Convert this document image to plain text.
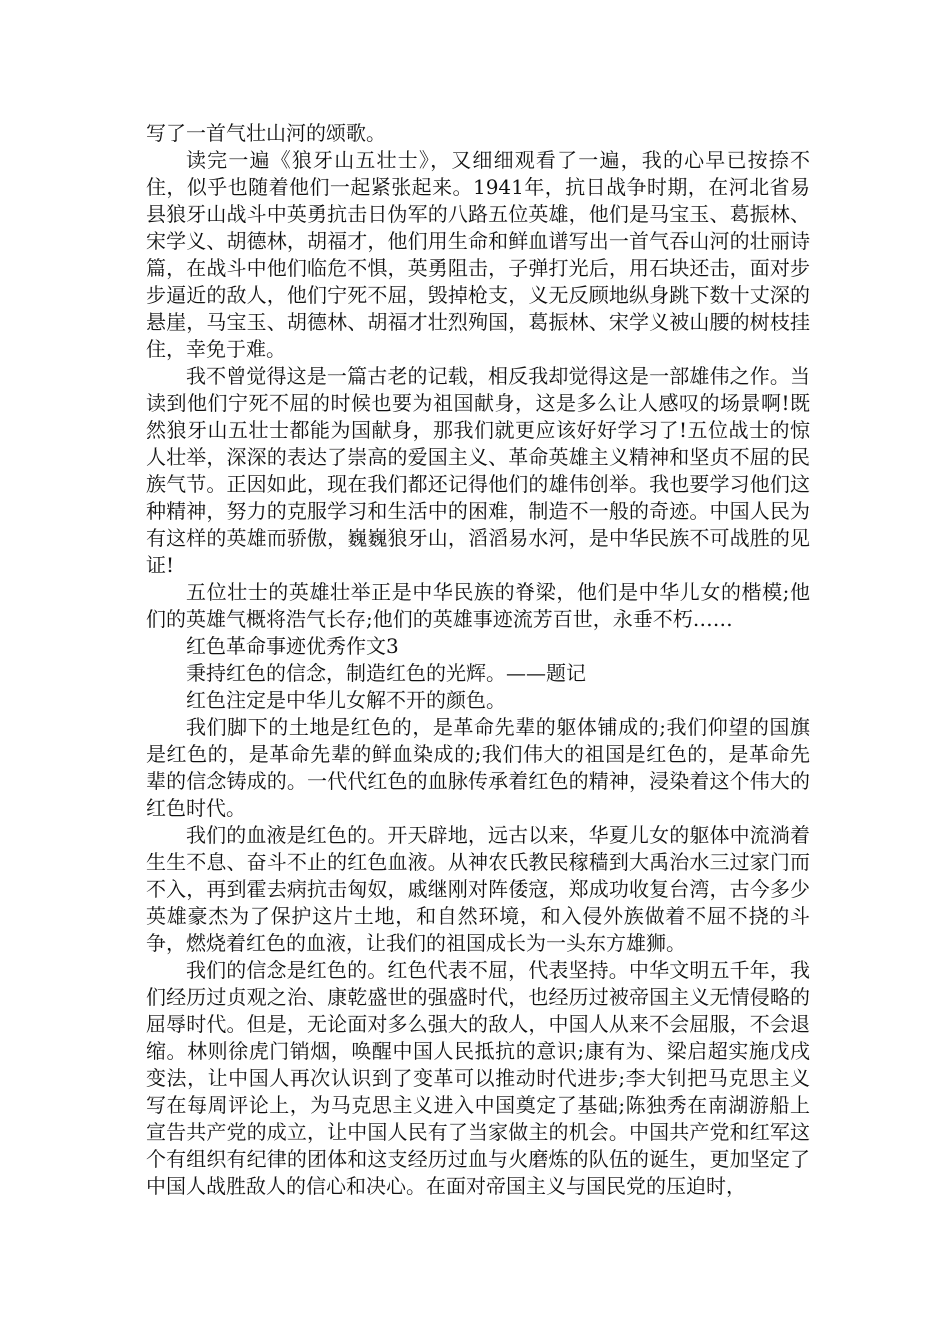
写了一首气壮山河的颂歌。

读完一遍《狼牙山五壮士》，又细细观看了一遍，我的心早已按捺不住，似乎也随着他们一起紧张起来。1941年，抗日战争时期，在河北省易县狼牙山战斗中英勇抗击日伪军的八路五位英雄，他们是马宝玉、葛振林、宋学义、胡德林，胡福才，他们用生命和鲜血谱写出一首气吞山河的壮丽诗篇，在战斗中他们临危不惧，英勇阻击，子弹打光后，用石块还击，面对步步逼近的敌人，他们宁死不屈，毁掉枪支，义无反顾地纵身跳下数十丈深的悬崖，马宝玉、胡德林、胡福才壮烈殉国，葛振林、宋学义被山腰的树枝挂住，幸免于难。

我不曾觉得这是一篇古老的记载，相反我却觉得这是一部雄伟之作。当读到他们宁死不屈的时候也要为祖国献身，这是多么让人感叹的场景啊!既然狼牙山五壮士都能为国献身，那我们就更应该好好学习了!五位战士的惊人壮举，深深的表达了崇高的爱国主义、革命英雄主义精神和坚贞不屈的民族气节。正因如此，现在我们都还记得他们的雄伟创举。我也要学习他们这种精神，努力的克服学习和生活中的困难，制造不一般的奇迹。中国人民为有这样的英雄而骄傲，巍巍狼牙山，滔滔易水河，是中华民族不可战胜的见证!

五位壮士的英雄壮举正是中华民族的脊梁，他们是中华儿女的楷模;他们的英雄气概将浩气长存;他们的英雄事迹流芳百世，永垂不朽……

红色革命事迹优秀作文3

秉持红色的信念，制造红色的光辉。——题记

红色注定是中华儿女解不开的颜色。

我们脚下的土地是红色的，是革命先辈的躯体铺成的;我们仰望的国旗是红色的，是革命先辈的鲜血染成的;我们伟大的祖国是红色的，是革命先辈的信念铸成的。一代代红色的血脉传承着红色的精神，浸染着这个伟大的红色时代。

我们的血液是红色的。开天辟地，远古以来，华夏儿女的躯体中流淌着生生不息、奋斗不止的红色血液。从神农氏教民稼穑到大禹治水三过家门而不入，再到霍去病抗击匈奴，戚继刚对阵倭寇，郑成功收复台湾，古今多少英雄豪杰为了保护这片土地，和自然环境，和入侵外族做着不屈不挠的斗争，燃烧着红色的血液，让我们的祖国成长为一头东方雄狮。

我们的信念是红色的。红色代表不屈，代表坚持。中华文明五千年，我们经历过贞观之治、康乾盛世的强盛时代，也经历过被帝国主义无情侵略的屈辱时代。但是，无论面对多么强大的敌人，中国人从来不会屈服，不会退缩。林则徐虎门销烟，唤醒中国人民抵抗的意识;康有为、梁启超实施戊戌变法，让中国人再次认识到了变革可以推动时代进步;李大钊把马克思主义写在每周评论上，为马克思主义进入中国奠定了基础;陈独秀在南湖游船上宣告共产党的成立，让中国人民有了当家做主的机会。中国共产党和红军这个有组织有纪律的团体和这支经历过血与火磨炼的队伍的诞生，更加坚定了中国人战胜敌人的信心和决心。在面对帝国主义与国民党的压迫时，
